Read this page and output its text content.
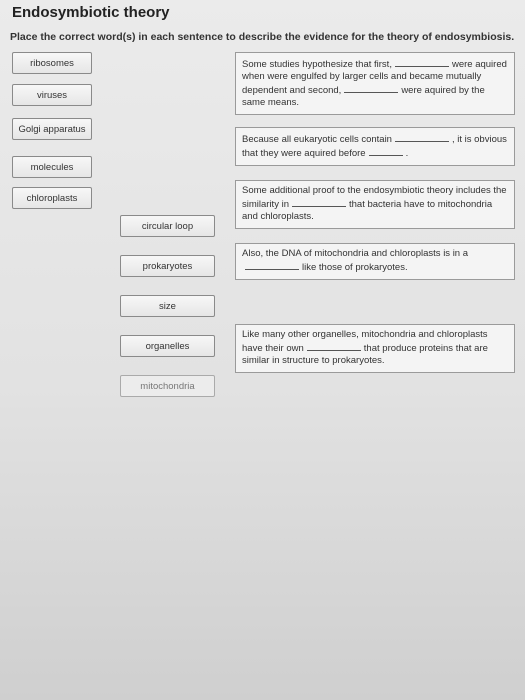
Endosymbiotic theory
Place the correct word(s) in each sentence to describe the evidence for the theory of endosymbiosis.
ribosomes
viruses
Golgi apparatus
molecules
chloroplasts
circular loop
prokaryotes
size
organelles
mitochondria
Some studies hypothesize that first,	were aquired when were engulfed by larger cells and became mutually dependent and second,	were aquired by the same means.
Because all eukaryotic cells contain	, it is obvious that they were aquired before	.
Some additional proof to the endosymbiotic theory includes the similarity in	that bacteria have to mitochondria and chloroplasts.
Also, the DNA of mitochondria and chloroplasts is in alike those of prokaryotes.
Like many other organelles, mitochondria and chloroplasts have their own	that produce proteins that are similar in structure to prokaryotes.
